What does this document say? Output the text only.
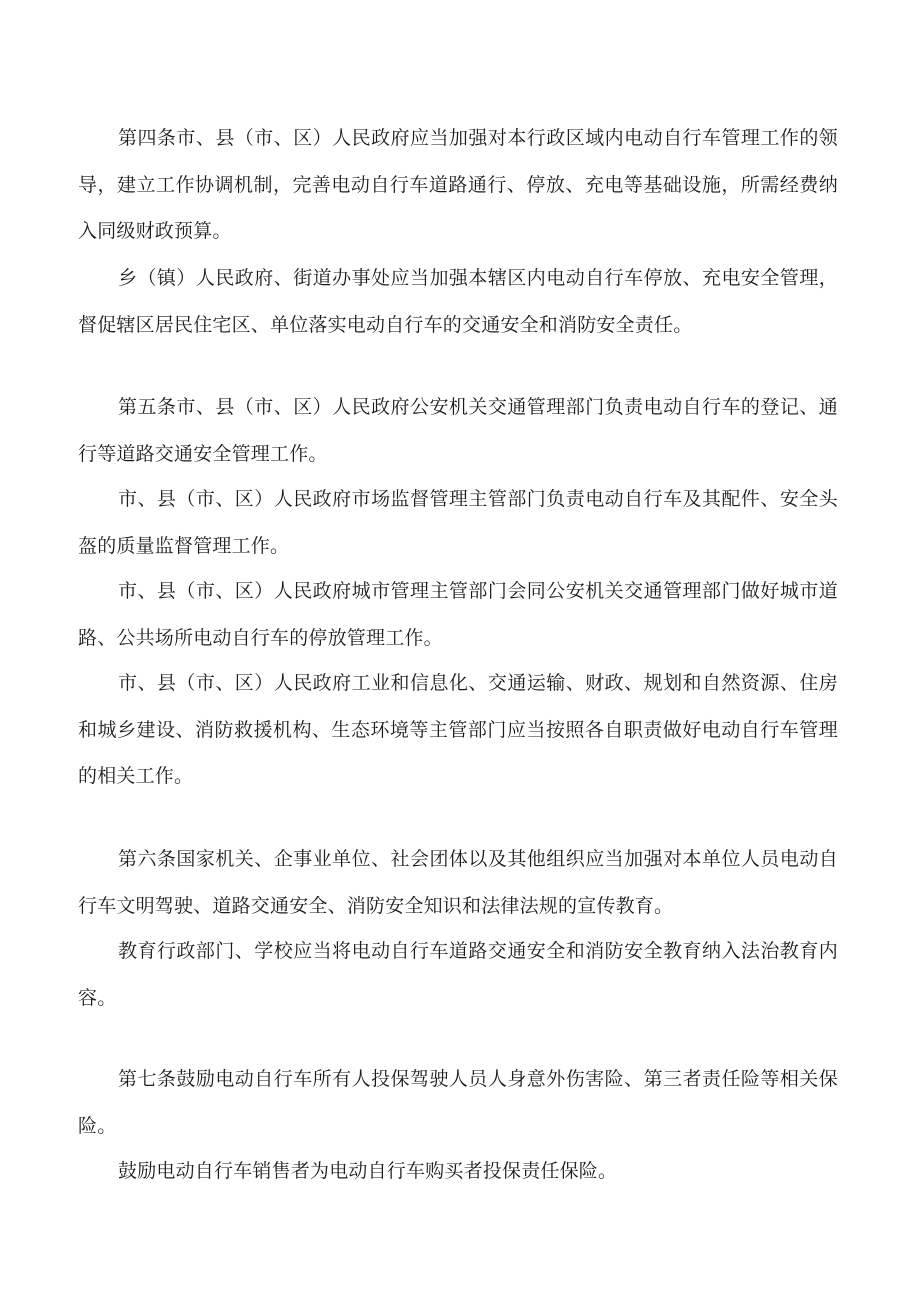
第四条市、县（市、区）人民政府应当加强对本行政区域内电动自行车管理工作的领导，建立工作协调机制，完善电动自行车道路通行、停放、充电等基础设施，所需经费纳入同级财政预算。

乡（镇）人民政府、街道办事处应当加强本辖区内电动自行车停放、充电安全管理，督促辖区居民住宅区、单位落实电动自行车的交通安全和消防安全责任。

第五条市、县（市、区）人民政府公安机关交通管理部门负责电动自行车的登记、通行等道路交通安全管理工作。

市、县（市、区）人民政府市场监督管理主管部门负责电动自行车及其配件、安全头盔的质量监督管理工作。

市、县（市、区）人民政府城市管理主管部门会同公安机关交通管理部门做好城市道路、公共场所电动自行车的停放管理工作。

市、县（市、区）人民政府工业和信息化、交通运输、财政、规划和自然资源、住房和城乡建设、消防救援机构、生态环境等主管部门应当按照各自职责做好电动自行车管理的相关工作。

第六条国家机关、企事业单位、社会团体以及其他组织应当加强对本单位人员电动自行车文明驾驶、道路交通安全、消防安全知识和法律法规的宣传教育。

教育行政部门、学校应当将电动自行车道路交通安全和消防安全教育纳入法治教育内容。

第七条鼓励电动自行车所有人投保驾驶人员人身意外伤害险、第三者责任险等相关保险。

鼓励电动自行车销售者为电动自行车购买者投保责任保险。
